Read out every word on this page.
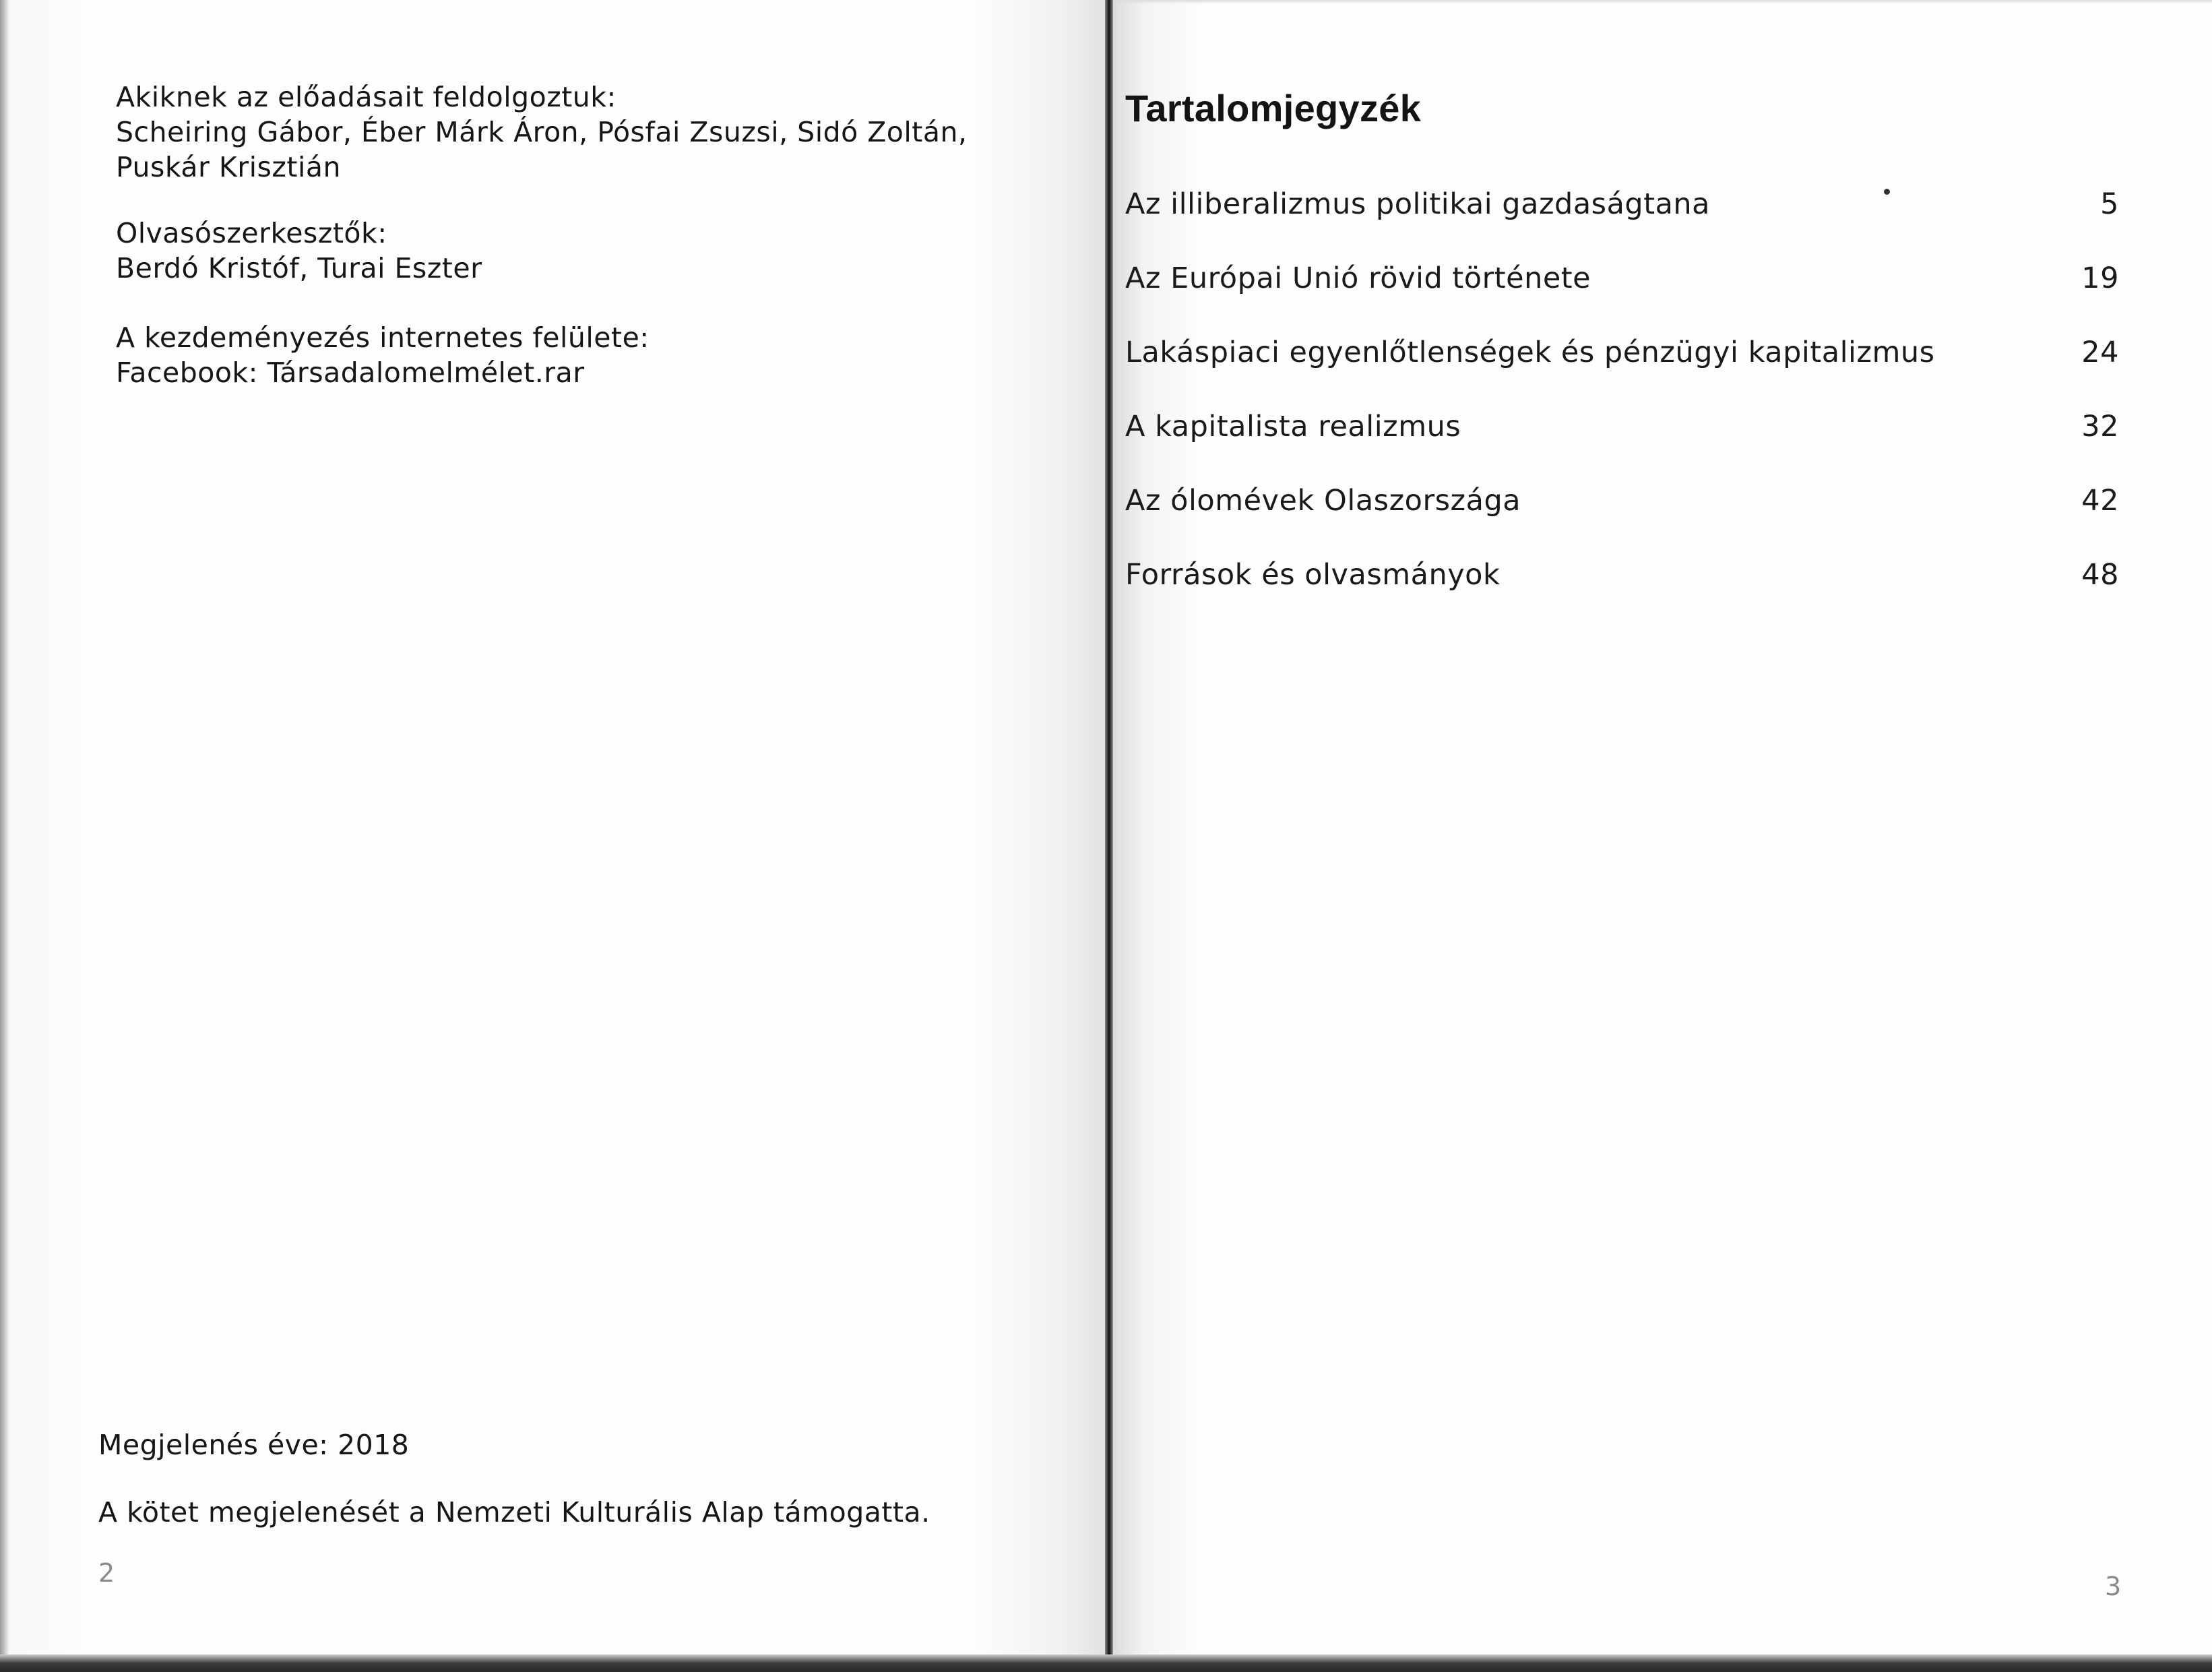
Akiknek az előadásait feldolgoztuk:
Scheiring Gábor, Éber Márk Áron, Pósfai Zsuzsi, Sidó Zoltán,
Puskár Krisztián
Olvasószerkesztők:
Berdó Kristóf, Turai Eszter
A kezdeményezés internetes felülete:
Facebook: Társadalomelmélet.rar
Megjelenés éve: 2018
A kötet megjelenését a Nemzeti Kulturális Alap támogatta.
2
Tartalomjegyzék
Az illiberalizmus politikai gazdaságtana	5
Az Európai Unió rövid története	19
Lakáspiaci egyenlőtlenségek és pénzügyi kapitalizmus	24
A kapitalista realizmus	32
Az ólomévek Olaszországa	42
Források és olvasmányok	48
3
